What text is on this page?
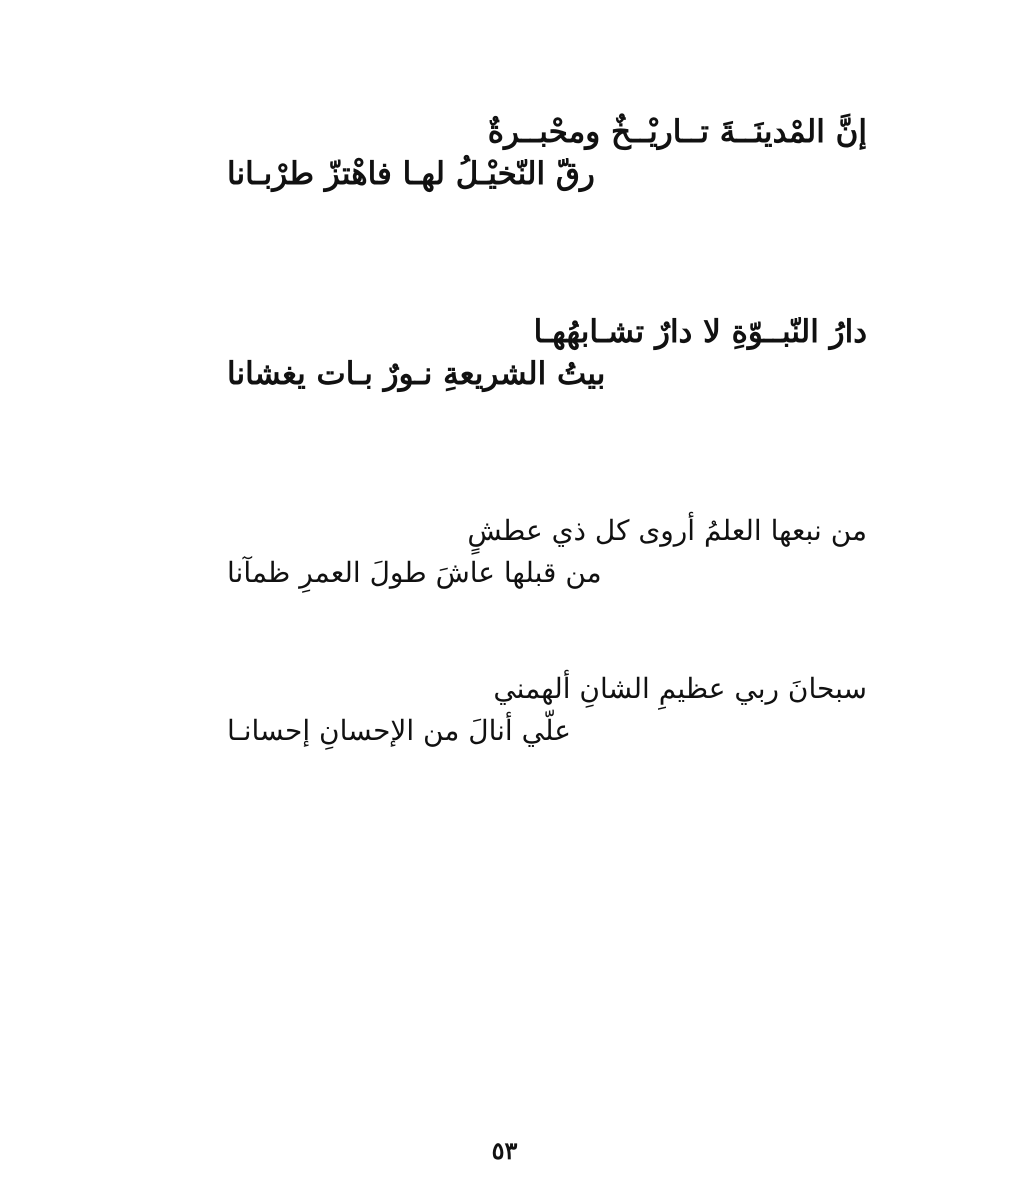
إنَّ المْدينَــةَ تــاريْــخٌ ومحْبــرةٌ
رقّ النّخيْـلُ لهـا فاهْتزّ طرْبـانا
دارُ النّبــوّةِ لا دارٌ تشـابهُهـا
بيتُ الشريعةِ نـورٌ بـات يغشانا
من نبعها العلمُ أروى كل ذي عطشٍ
من قبلها عاشَ طولَ العمرِ ظمآنا
سبحانَ ربي عظيمِ الشانِ ألهمني
علّي أنالَ من الإحسانِ إحسانـا
٥٣
